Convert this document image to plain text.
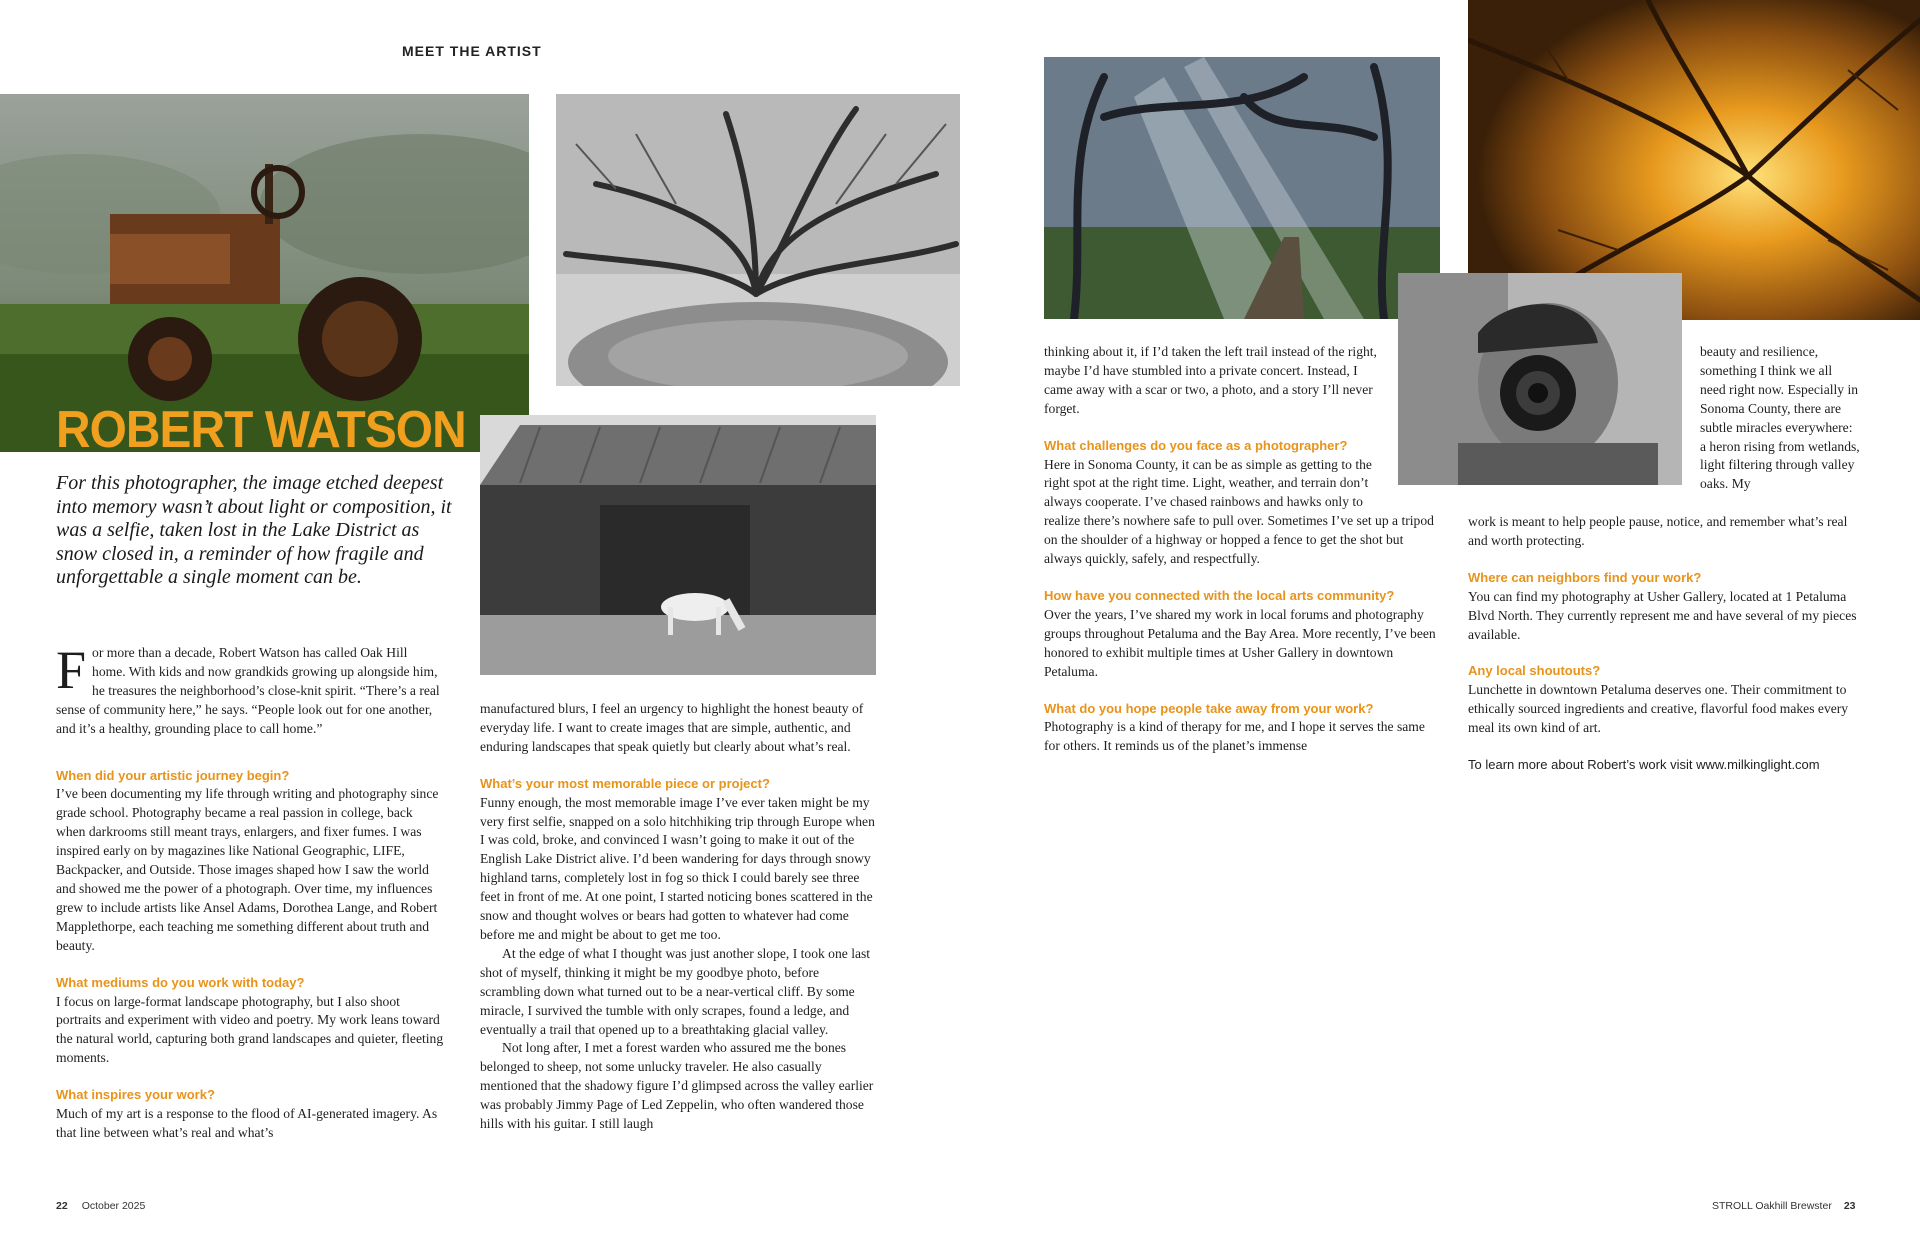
MEET THE ARTIST
ROBERT WATSON
For this photographer, the image etched deepest into memory wasn’t about light or composition, it was a selfie, taken lost in the Lake District as snow closed in, a reminder of how fragile and unforgettable a single moment can be.

For more than a decade, Robert Watson has called Oak Hill home. With kids and now grandkids growing up alongside him, he treasures the neighborhood’s close-knit spirit. “There’s a real sense of community here,” he says. “People look out for one another, and it’s a healthy, grounding place to call home.”

When did your artistic journey begin?

I’ve been documenting my life through writing and photography since grade school. Photography became a real passion in college, back when darkrooms still meant trays, enlargers, and fixer fumes. I was inspired early on by magazines like National Geographic, LIFE, Backpacker, and Outside. Those images shaped how I saw the world and showed me the power of a photograph. Over time, my influences grew to include artists like Ansel Adams, Dorothea Lange, and Robert Mapplethorpe, each teaching me something different about truth and beauty.

What mediums do you work with today?

I focus on large-format landscape photography, but I also shoot portraits and experiment with video and poetry. My work leans toward the natural world, capturing both grand landscapes and quieter, fleeting moments.

What inspires your work?

Much of my art is a response to the flood of AI-generated imagery. As that line between what’s real and what’s

manufactured blurs, I feel an urgency to highlight the honest beauty of everyday life. I want to create images that are simple, authentic, and enduring landscapes that speak quietly but clearly about what’s real.

What’s your most memorable piece or project?

Funny enough, the most memorable image I’ve ever taken might be my very first selfie, snapped on a solo hitchhiking trip through Europe when I was cold, broke, and convinced I wasn’t going to make it out of the English Lake District alive. I’d been wandering for days through snowy highland tarns, completely lost in fog so thick I could barely see three feet in front of me. At one point, I started noticing bones scattered in the snow and thought wolves or bears had gotten to whatever had come before me and might be about to get me too.

At the edge of what I thought was just another slope, I took one last shot of myself, thinking it might be my goodbye photo, before scrambling down what turned out to be a near-vertical cliff. By some miracle, I survived the tumble with only scrapes, found a ledge, and eventually a trail that opened up to a breathtaking glacial valley.

Not long after, I met a forest warden who assured me the bones belonged to sheep, not some unlucky traveler. He also casually mentioned that the shadowy figure I’d glimpsed across the valley earlier was probably Jimmy Page of Led Zeppelin, who often wandered those hills with his guitar. I still laugh

thinking about it, if I’d taken the left trail instead of the right, maybe I’d have stumbled into a private concert. Instead, I came away with a scar or two, a photo, and a story I’ll never forget.

What challenges do you face as a photographer?

Here in Sonoma County, it can be as simple as getting to the right spot at the right time. Light, weather, and terrain don’t always cooperate. I’ve chased rainbows and hawks only to realize there’s nowhere safe to pull over. Sometimes I’ve set up a tripod on the shoulder of a highway or hopped a fence to get the shot but always quickly, safely, and respectfully.

How have you connected with the local arts community?

Over the years, I’ve shared my work in local forums and photography groups throughout Petaluma and the Bay Area. More recently, I’ve been honored to exhibit multiple times at Usher Gallery in downtown Petaluma.

What do you hope people take away from your work?

Photography is a kind of therapy for me, and I hope it serves the same for others. It reminds us of the planet’s immense

beauty and resilience, something I think we all need right now. Especially in Sonoma County, there are subtle miracles everywhere: a heron rising from wetlands, light filtering through valley oaks. My

work is meant to help people pause, notice, and remember what’s real and worth protecting.

Where can neighbors find your work?

You can find my photography at Usher Gallery, located at 1 Petaluma Blvd North. They currently represent me and have several of my pieces available.

Any local shoutouts?

Lunchette in downtown Petaluma deserves one. Their commitment to ethically sourced ingredients and creative, flavorful food makes every meal its own kind of art.

To learn more about Robert’s work visit www.milkinglight.com

22 October 2025	STROLL Oakhill Brewster 23
